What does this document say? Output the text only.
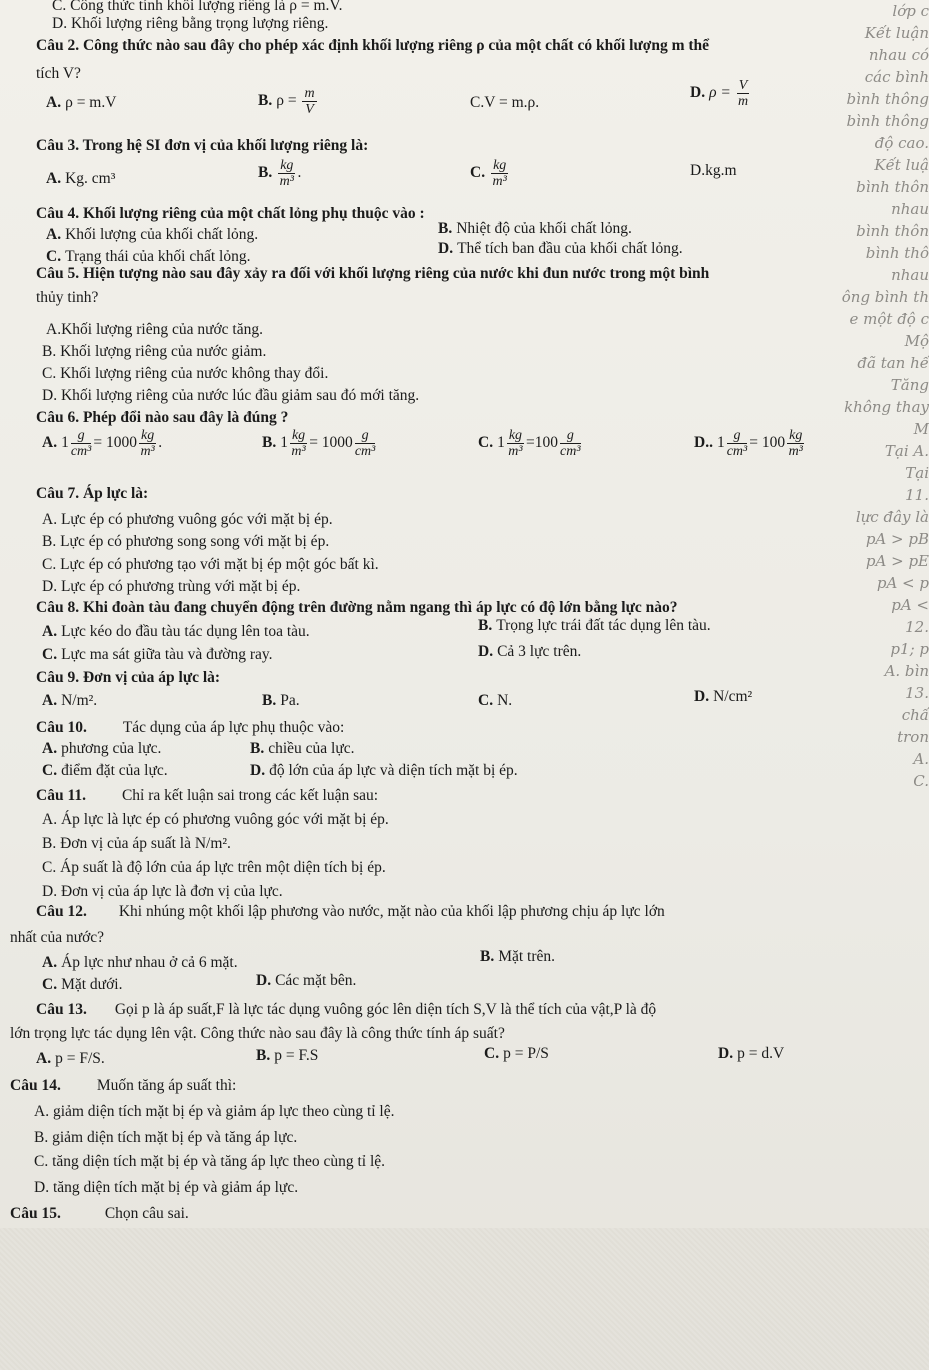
lớp c
Kết luận
nhau có
các bình
bình thông
bình thông
độ cao.
Kết luậ
bình thôn
nhau
bình thôn
bình thô
nhau
ông bình th
e một độ c
Mộ
đã tan hế
Tăng
không thay
M
Tại A.
Tại
11.
lực đây là
pA > pB
pA > pE
pA < p
pA <
12.
p1; p
A. bìn
13.
chấ
tron
A.
C.
C. Công thức tính khối lượng riêng là ρ = m.V.
D. Khối lượng riêng bằng trọng lượng riêng.
Câu 2. Công thức nào sau đây cho phép xác định khối lượng riêng ρ của một chất có khối lượng m thể
tích V?
A. ρ = m.V	B. $\rho = \frac{m}{V}$	C.V = m.ρ.
D. $\rho = \frac{V}{m}$
Câu 3. Trong hệ SI đơn vị của khối lượng riêng là:
A. Kg. cm³	B. $\frac{kg}{\text{m³}}$ .	C. $\frac{kg}{\text{m³}}$	D.kg.m
Câu 4. Khối lượng riêng của một chất lỏng phụ thuộc vào :
A. Khối lượng của khối chất lỏng.	B. Nhiệt độ của khối chất lỏng.
C. Trạng thái của khối chất lỏng.	D. Thể tích ban đầu của khối chất lỏng.
Câu 5. Hiện tượng nào sau đây xảy ra đối với khối lượng riêng của nước khi đun nước trong một bình
thủy tinh?
A.Khối lượng riêng của nước tăng.
B. Khối lượng riêng của nước giảm.
C. Khối lượng riêng của nước không thay đổi.
D. Khối lượng riêng của nước lúc đầu giảm sau đó mới tăng.
Câu 6. Phép đổi nào sau đây là đúng ?
A. $1 \frac{g}{\text{cm³}} = 1000 \frac{kg}{\text{m³}}$ .	B. $1 \frac{kg}{\text{m³}} = 1000 \frac{g}{\text{cm³}}$	C. $1 \frac{kg}{\text{m³}} =100 \frac{g}{\text{cm³}}$	D.. $1 \frac{g}{\text{cm³}} = 100 \frac{kg}{\text{m³}}$
Câu 7. Áp lực là:
A. Lực ép có phương vuông góc với mặt bị ép.
B. Lực ép có phương song song với mặt bị ép.
C. Lực ép có phương tạo với mặt bị ép một góc bất kì.
D. Lực ép có phương trùng với mặt bị ép.
Câu 8. Khi đoàn tàu đang chuyển động trên đường nằm ngang thì áp lực có độ lớn bằng lực nào?
A. Lực kéo do đầu tàu tác dụng lên toa tàu.	B. Trọng lực trái đất tác dụng lên tàu.
C. Lực ma sát giữa tàu và đường ray.	D. Cả 3 lực trên.
Câu 9. Đơn vị của áp lực là:
A. N/m².	B. Pa.	C. N.	D. N/cm²
Câu 10. Tác dụng của áp lực phụ thuộc vào:
A. phương của lực.	B. chiều của lực.
C. điểm đặt của lực.	D. độ lớn của áp lực và diện tích mặt bị ép.
Câu 11. Chỉ ra kết luận sai trong các kết luận sau:
A. Áp lực là lực ép có phương vuông góc với mặt bị ép.
B. Đơn vị của áp suất là N/m².
C. Áp suất là độ lớn của áp lực trên một diện tích bị ép.
D. Đơn vị của áp lực là đơn vị của lực.
Câu 12. Khi nhúng một khối lập phương vào nước, mặt nào của khối lập phương chịu áp lực lớn
nhất của nước?
A. Áp lực như nhau ở cả 6 mặt.	B. Mặt trên.
C. Mặt dưới.	D. Các mặt bên.
Câu 13. Gọi p là áp suất,F là lực tác dụng vuông góc lên diện tích S,V là thể tích của vật,P là độ
lớn trọng lực tác dụng lên vật. Công thức nào sau đây là công thức tính áp suất?
A. p = F/S.	B. p = F.S	C. p = P/S	D. p = d.V
Câu 14. Muốn tăng áp suất thì:
A. giảm diện tích mặt bị ép và giảm áp lực theo cùng tỉ lệ.
B. giảm diện tích mặt bị ép và tăng áp lực.
C. tăng diện tích mặt bị ép và tăng áp lực theo cùng tỉ lệ.
D. tăng diện tích mặt bị ép và giảm áp lực.
Câu 15.	Chọn câu sai.
